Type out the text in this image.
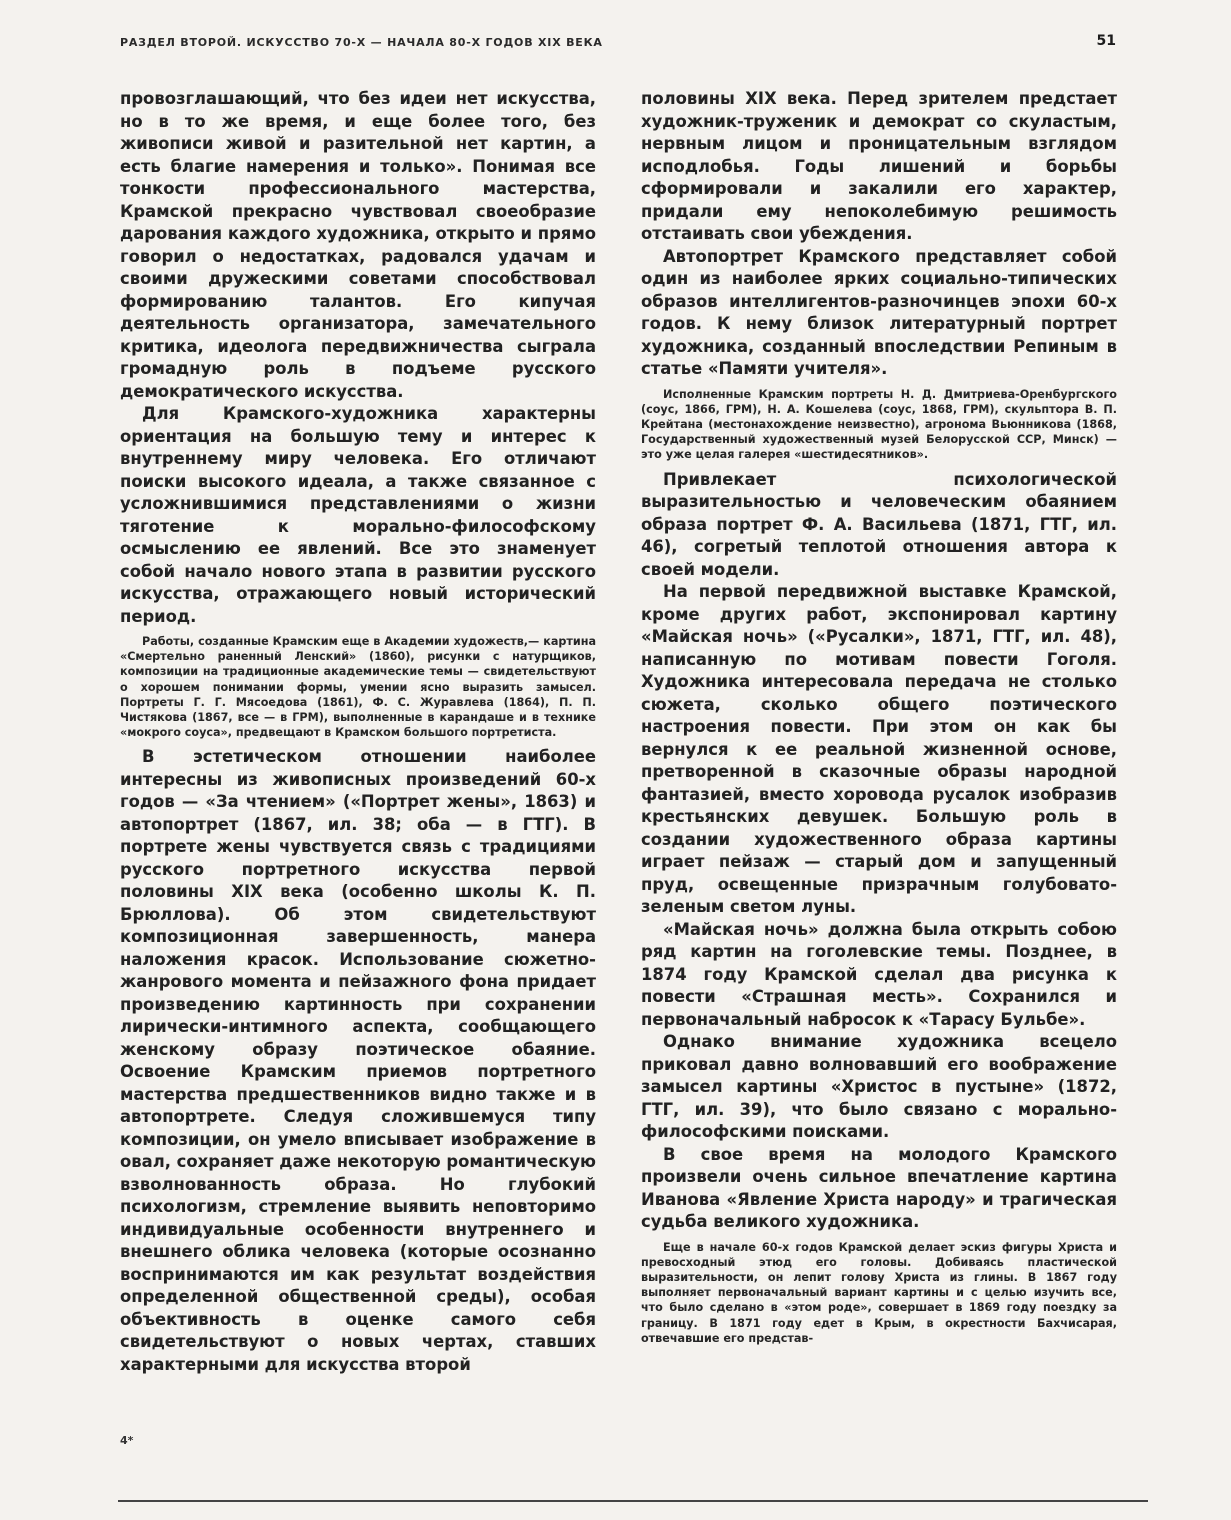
РАЗДЕЛ ВТОРОЙ. ИСКУССТВО 70-Х — НАЧАЛА 80-Х ГОДОВ XIX ВЕКА	51

провозглашающий, что без идеи нет искусства, но в то же время, и еще более того, без живописи живой и разительной нет картин, а есть благие намерения и только». Понимая все тонкости профессионального мастерства, Крамской прекрасно чувствовал своеобразие дарования каждого художника, открыто и прямо говорил о недостатках, радовался удачам и своими дружескими советами способствовал формированию талантов. Его кипучая деятельность организатора, замечательного критика, идеолога передвижничества сыграла громадную роль в подъеме русского демократического искусства.

Для Крамского-художника характерны ориентация на большую тему и интерес к внутреннему миру человека. Его отличают поиски высокого идеала, а также связанное с усложнившимися представлениями о жизни тяготение к морально-философскому осмыслению ее явлений. Все это знаменует собой начало нового этапа в развитии русского искусства, отражающего новый исторический период.

Работы, созданные Крамским еще в Академии художеств,— картина «Смертельно раненный Ленский» (1860), рисунки с натурщиков, композиции на традиционные академические темы — свидетельствуют о хорошем понимании формы, умении ясно выразить замысел. Портреты Г. Г. Мясоедова (1861), Ф. С. Журавлева (1864), П. П. Чистякова (1867, все — в ГРМ), выполненные в карандаше и в технике «мокрого соуса», предвещают в Крамском большого портретиста.

В эстетическом отношении наиболее интересны из живописных произведений 60-х годов — «За чтением» («Портрет жены», 1863) и автопортрет (1867, ил. 38; оба — в ГТГ). В портрете жены чувствуется связь с традициями русского портретного искусства первой половины XIX века (особенно школы К. П. Брюллова). Об этом свидетельствуют композиционная завершенность, манера наложения красок. Использование сюжетно-жанрового момента и пейзажного фона придает произведению картинность при сохранении лирически-интимного аспекта, сообщающего женскому образу поэтическое обаяние. Освоение Крамским приемов портретного мастерства предшественников видно также и в автопортрете. Следуя сложившемуся типу композиции, он умело вписывает изображение в овал, сохраняет даже некоторую романтическую взволнованность образа. Но глубокий психологизм, стремление выявить неповторимо индивидуальные особенности внутреннего и внешнего облика человека (которые осознанно воспринимаются им как результат воздействия определенной общественной среды), особая объективность в оценке самого себя свидетельствуют о новых чертах, ставших характерными для искусства второй

половины XIX века. Перед зрителем предстает художник-труженик и демократ со скуластым, нервным лицом и проницательным взглядом исподлобья. Годы лишений и борьбы сформировали и закалили его характер, придали ему непоколебимую решимость отстаивать свои убеждения.

Автопортрет Крамского представляет собой один из наиболее ярких социально-типических образов интеллигентов-разночинцев эпохи 60-х годов. К нему близок литературный портрет художника, созданный впоследствии Репиным в статье «Памяти учителя».

Исполненные Крамским портреты Н. Д. Дмитриева-Оренбургского (соус, 1866, ГРМ), Н. А. Кошелева (соус, 1868, ГРМ), скульптора В. П. Крейтана (местонахождение неизвестно), агронома Вьюнникова (1868, Государственный художественный музей Белорусской ССР, Минск) — это уже целая галерея «шестидесятников».

Привлекает психологической выразительностью и человеческим обаянием образа портрет Ф. А. Васильева (1871, ГТГ, ил. 46), согретый теплотой отношения автора к своей модели.

На первой передвижной выставке Крамской, кроме других работ, экспонировал картину «Майская ночь» («Русалки», 1871, ГТГ, ил. 48), написанную по мотивам повести Гоголя. Художника интересовала передача не столько сюжета, сколько общего поэтического настроения повести. При этом он как бы вернулся к ее реальной жизненной основе, претворенной в сказочные образы народной фантазией, вместо хоровода русалок изобразив крестьянских девушек. Большую роль в создании художественного образа картины играет пейзаж — старый дом и запущенный пруд, освещенные призрачным голубовато-зеленым светом луны.

«Майская ночь» должна была открыть собою ряд картин на гоголевские темы. Позднее, в 1874 году Крамской сделал два рисунка к повести «Страшная месть». Сохранился и первоначальный набросок к «Тарасу Бульбе».

Однако внимание художника всецело приковал давно волновавший его воображение замысел картины «Христос в пустыне» (1872, ГТГ, ил. 39), что было связано с морально-философскими поисками.

В свое время на молодого Крамского произвели очень сильное впечатление картина Иванова «Явление Христа народу» и трагическая судьба великого художника.

Еще в начале 60-х годов Крамской делает эскиз фигуры Христа и превосходный этюд его головы. Добиваясь пластической выразительности, он лепит голову Христа из глины. В 1867 году выполняет первоначальный вариант картины и с целью изучить все, что было сделано в «этом роде», совершает в 1869 году поездку за границу. В 1871 году едет в Крым, в окрестности Бахчисарая, отвечавшие его представ-

4*
